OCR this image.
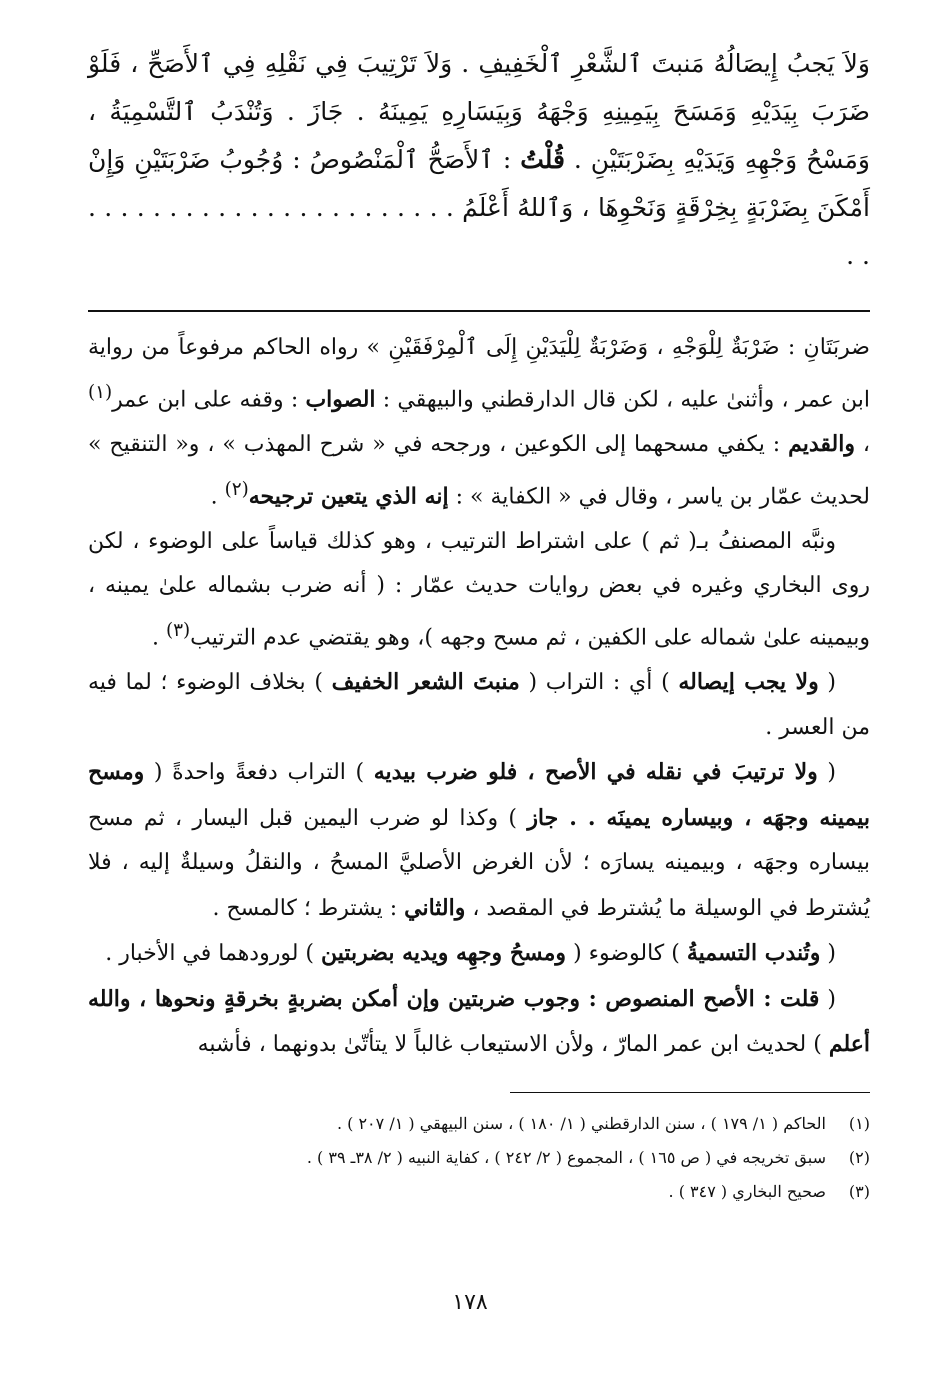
وَلاَ يَجبُ إِيصَالُهُ مَنبتَ ٱلشَّعْرِ ٱلْخَفِيفِ . وَلاَ تَرْتِيبَ فِي نَقْلِهِ فِي ٱلأَصَحِّ ، فَلَوْ ضَرَبَ بِيَدَيْهِ وَمَسَحَ بِيَمِينِهِ وَجْهَهُ وَبِيَسَارِهِ يَمِينَهُ . جَازَ . وَتُنْدَبُ ٱلتَّسْمِيَةُ ، وَمَسْحُ وَجْهِهِ وَيَدَيْهِ بِضَرْبَتَيْنِ . قُلْتُ : ٱلأَصَحُّ ٱلْمَنْصُوصُ : وُجُوبُ ضَرْبَتَيْنِ وَإِنْ أَمْكَنَ بِضَرْبَةٍ بِخِرْقَةٍ وَنَحْوِهَا ، وَٱللهُ أَعْلَمُ . . . . . . . . . . . . . . . . . . . . . . . . .

ضربَتَانِ : ضَرْبَةٌ لِلْوَجْهِ ، وَضَرْبَةٌ لِلْيَدَيْنِ إِلَى ٱلْمِرْفَقَيْنِ » رواه الحاكم مرفوعاً من رواية ابن عمر ، وأثنىٰ عليه ، لكن قال الدارقطني والبيهقي : الصواب : وقفه على ابن عمر$^{(١)}$ ، والقديم : يكفي مسحهما إلى الكوعين ، ورجحه في « شرح المهذب » ، و« التنقيح » لحديث عمّار بن ياسر ، وقال في « الكفاية » : إنه الذي يتعين ترجيحه$^{(٢)}$ .

ونبَّه المصنفُ بـ( ثم ) على اشتراط الترتيب ، وهو كذلك قياساً على الوضوء ، لكن روى البخاري وغيره في بعض روايات حديث عمّار : ( أنه ضرب بشماله علىٰ يمينه ، وبيمينه علىٰ شماله على الكفين ، ثم مسح وجهه )، وهو يقتضي عدم الترتيب$^{(٣)}$ .

( ولا يجب إيصاله ) أي : التراب ( منبتَ الشعر الخفيف ) بخلاف الوضوء ؛ لما فيه من العسر .

( ولا ترتيبَ في نقله في الأصح ، فلو ضرب بيديه ) التراب دفعةً واحدةً ( ومسح بيمينه وجهَه ، وبيساره يمينَه . . جاز ) وكذا لو ضرب اليمين قبل اليسار ، ثم مسح بيساره وجهَه ، وبيمينه يسارَه ؛ لأن الغرض الأصليَّ المسحُ ، والنقلُ وسيلةٌ إليه ، فلا يُشترط في الوسيلة ما يُشترط في المقصد ، والثاني : يشترط ؛ كالمسح .

( وتُندب التسميةُ ) كالوضوء ( ومسحُ وجهِه ويديه بضربتين ) لورودهما في الأخبار .

( قلت : الأصح المنصوص : وجوب ضربتين وإن أمكن بضربةٍ بخرقةٍ ونحوها ، والله أعلم ) لحديث ابن عمر المارّ ، ولأن الاستيعاب غالباً لا يتأتّىٰ بدونهما ، فأشبه

(١)
الحاكم ( ١/ ١٧٩ ) ، سنن الدارقطني ( ١/ ١٨٠ ) ، سنن البيهقي ( ١/ ٢٠٧ ) .
(٢)
سبق تخريجه في ( ص ١٦٥ ) ، المجموع ( ٢/ ٢٤٢ ) ، كفاية النبيه ( ٢/ ٣٨ـ ٣٩ ) .
(٣)
صحيح البخاري ( ٣٤٧ ) .
١٧٨
